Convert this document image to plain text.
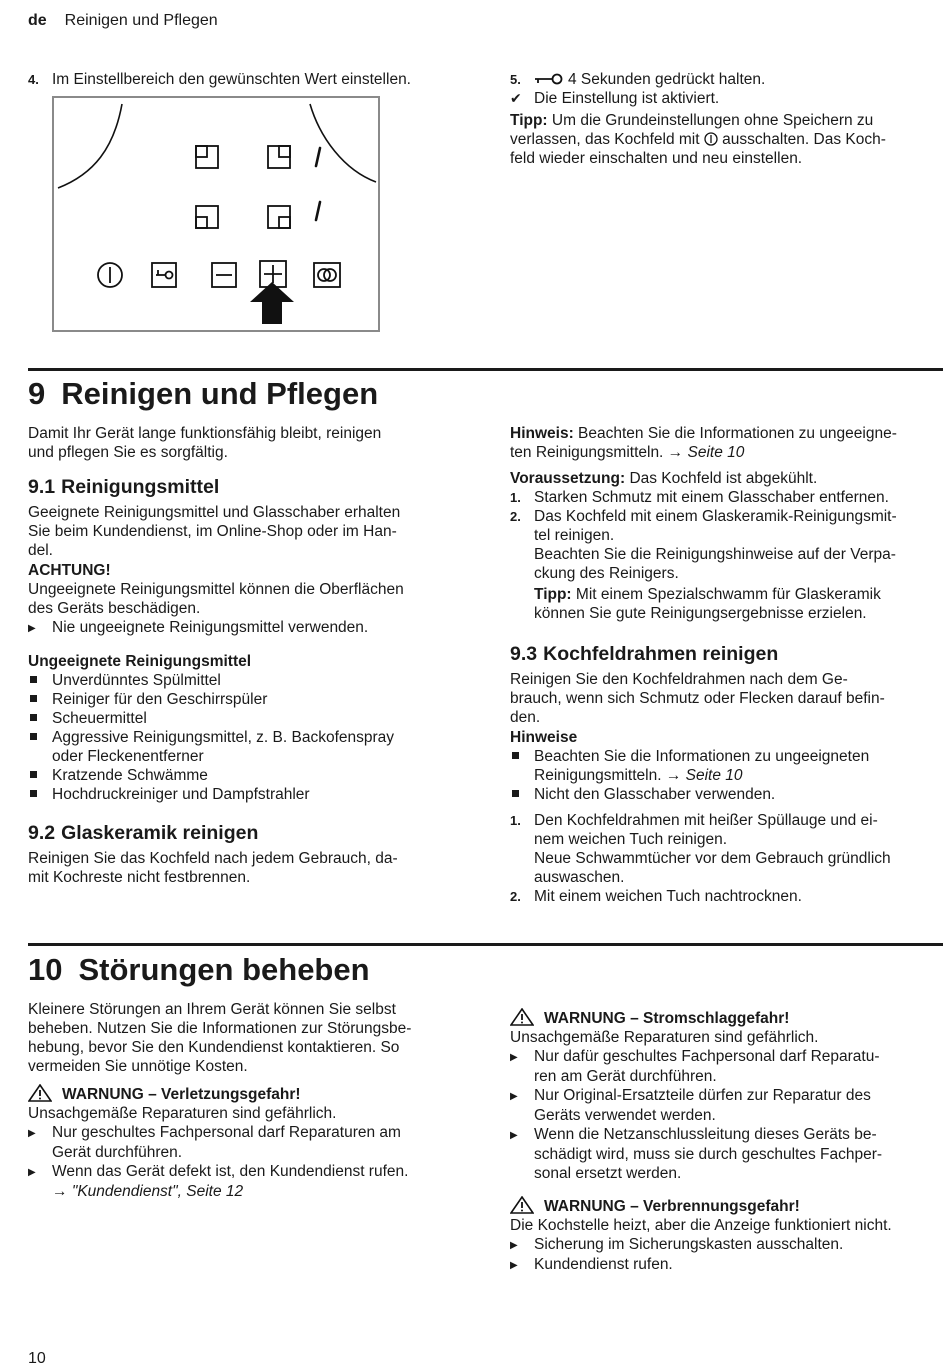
de Reinigen und Pflegen

4. Im Einstellbereich den gewünschten Wert einstellen.	5.	4 Sekunden gedrückt halten.

✔ Die Einstellung ist aktiviert.

Tipp: Um die Grundeinstellungen ohne Speichern zu

verlassen, das Kochfeld mit ausschalten. Das Koch-

feld wieder einschalten und neu einstellen.

9 Reinigen und Pflegen

Damit Ihr Gerät lange funktionsfähig bleibt, reinigen

und pflegen Sie es sorgfältig.

9.1 Reinigungsmittel

Geeignete Reinigungsmittel und Glasschaber erhalten

Sie beim Kundendienst, im Online-Shop oder im Han-

del.

ACHTUNG!

Ungeeignete Reinigungsmittel können die Oberflächen

des Geräts beschädigen.

▶ Nie ungeeignete Reinigungsmittel verwenden.

Ungeeignete Reinigungsmittel

Unverdünntes Spülmittel

Reiniger für den Geschirrspüler

Scheuermittel

Aggressive Reinigungsmittel, z. B. Backofenspray

oder Fleckenentferner

Kratzende Schwämme

Hochdruckreiniger und Dampfstrahler

9.2 Glaskeramik reinigen

Reinigen Sie das Kochfeld nach jedem Gebrauch, da-

mit Kochreste nicht festbrennen.

Hinweis: Beachten Sie die Informationen zu ungeeigne-

ten Reinigungsmitteln. → Seite 10

Voraussetzung: Das Kochfeld ist abgekühlt.

1. Starken Schmutz mit einem Glasschaber entfernen.

2. Das Kochfeld mit einem Glaskeramik-Reinigungsmit-

tel reinigen.

Beachten Sie die Reinigungshinweise auf der Verpa-

ckung des Reinigers.

Tipp: Mit einem Spezialschwamm für Glaskeramik

können Sie gute Reinigungsergebnisse erzielen.

9.3 Kochfeldrahmen reinigen

Reinigen Sie den Kochfeldrahmen nach dem Ge-

brauch, wenn sich Schmutz oder Flecken darauf befin-

den.

Hinweise

Beachten Sie die Informationen zu ungeeigneten

Reinigungsmitteln. → Seite 10

Nicht den Glasschaber verwenden.

1. Den Kochfeldrahmen mit heißer Spüllauge und ei-

nem weichen Tuch reinigen.

Neue Schwammtücher vor dem Gebrauch gründlich

auswaschen.

2. Mit einem weichen Tuch nachtrocknen.

10 Störungen beheben

Kleinere Störungen an Ihrem Gerät können Sie selbst

beheben. Nutzen Sie die Informationen zur Störungsbe-

hebung, bevor Sie den Kundendienst kontaktieren. So

vermeiden Sie unnötige Kosten.

WARNUNG – Verletzungsgefahr!

Unsachgemäße Reparaturen sind gefährlich.

▶ Nur geschultes Fachpersonal darf Reparaturen am

Gerät durchführen.

▶ Wenn das Gerät defekt ist, den Kundendienst rufen.

→ "Kundendienst", Seite 12

WARNUNG – Stromschlaggefahr!

Unsachgemäße Reparaturen sind gefährlich.

▶ Nur dafür geschultes Fachpersonal darf Reparatu-

ren am Gerät durchführen.

▶ Nur Original-Ersatzteile dürfen zur Reparatur des

Geräts verwendet werden.

▶ Wenn die Netzanschlussleitung dieses Geräts be-

schädigt wird, muss sie durch geschultes Fachper-

sonal ersetzt werden.

WARNUNG – Verbrennungsgefahr!

Die Kochstelle heizt, aber die Anzeige funktioniert nicht.

▶ Sicherung im Sicherungskasten ausschalten.

▶ Kundendienst rufen.

10
